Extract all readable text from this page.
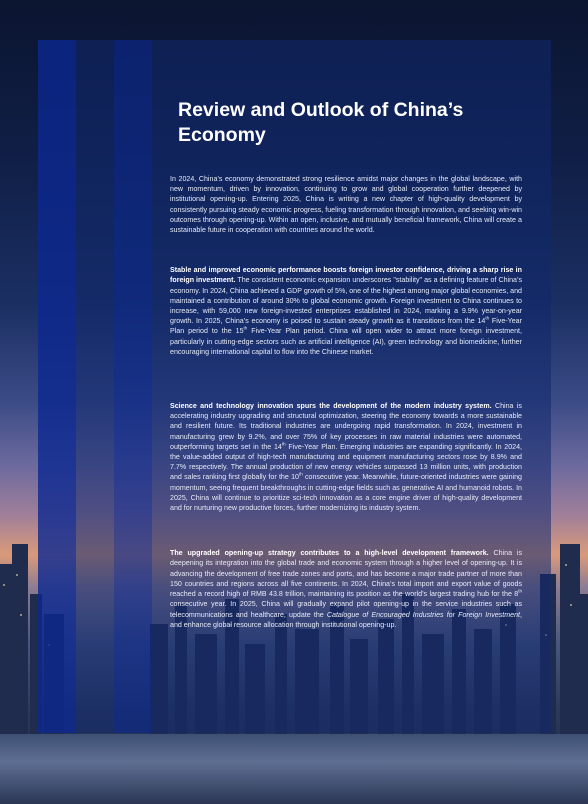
Review and Outlook of China’s Economy

In 2024, China’s economy demonstrated strong resilience amidst major changes in the global landscape, with new momentum, driven by innovation, continuing to grow and global cooperation further deepened by institutional opening-up. Entering 2025, China is writing a new chapter of high-quality development by consistently pursuing steady economic progress, fueling transformation through innovation, and seeking win-win outcomes through opening-up. Within an open, inclusive, and mutually beneficial framework, China will create a sustainable future in cooperation with countries around the world.

Stable and improved economic performance boosts foreign investor confidence, driving a sharp rise in foreign investment. The consistent economic expansion underscores "stability" as a defining feature of China’s economy. In 2024, China achieved a GDP growth of 5%, one of the highest among major global economies, and maintained a contribution of around 30% to global economic growth. Foreign investment to China continues to increase, with 59,000 new foreign-invested enterprises established in 2024, marking a 9.9% year-on-year growth. In 2025, China’s economy is poised to sustain steady growth as it transitions from the 14th Five-Year Plan period to the 15th Five-Year Plan period. China will open wider to attract more foreign investment, particularly in cutting-edge sectors such as artificial intelligence (AI), green technology and biomedicine, further encouraging international capital to flow into the Chinese market.

Science and technology innovation spurs the development of the modern industry system. China is accelerating industry upgrading and structural optimization, steering the economy towards a more sustainable and resilient future. Its traditional industries are undergoing rapid transformation. In 2024, investment in manufacturing grew by 9.2%, and over 75% of key processes in raw material industries were automated, outperforming targets set in the 14th Five-Year Plan. Emerging industries are expanding significantly. In 2024, the value-added output of high-tech manufacturing and equipment manufacturing sectors rose by 8.9% and 7.7% respectively. The annual production of new energy vehicles surpassed 13 million units, with production and sales ranking first globally for the 10th consecutive year. Meanwhile, future-oriented industries were gaining momentum, seeing frequent breakthroughs in cutting-edge fields such as generative AI and humanoid robots. In 2025, China will continue to prioritize sci-tech innovation as a core engine driver of high-quality development and for nurturing new productive forces, further modernizing its industry system.

The upgraded opening-up strategy contributes to a high-level development framework. China is deepening its integration into the global trade and economic system through a higher level of opening-up. It is advancing the development of free trade zones and ports, and has become a major trade partner of more than 150 countries and regions across all five continents. In 2024, China’s total import and export value of goods reached a record high of RMB 43.8 trillion, maintaining its position as the world’s largest trading hub for the 8th consecutive year. In 2025, China will gradually expand pilot opening-up in the service industries such as telecommunications and healthcare, update the Catalogue of Encouraged Industries for Foreign Investment, and enhance global resource allocation through institutional opening-up.
